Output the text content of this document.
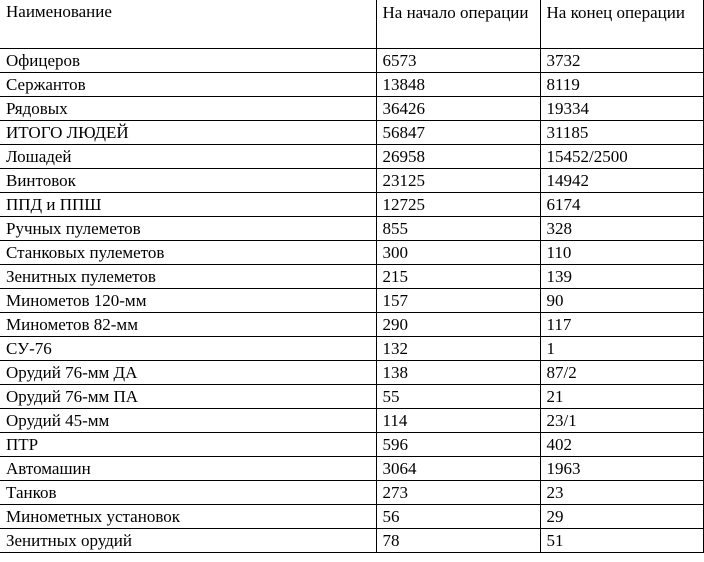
Наименование	На начало операции	На конец операции
Офицеров	6573	3732
Сержантов	13848	8119
Рядовых	36426	19334
ИТОГО ЛЮДЕЙ	56847	31185
Лошадей	26958	15452/2500
Винтовок	23125	14942
ППД и ППШ	12725	6174
Ручных пулеметов	855	328
Станковых пулеметов	300	110
Зенитных пулеметов	215	139
Минометов 120-мм	157	90
Минометов 82-мм	290	117
СУ-76	132	1
Орудий 76-мм ДА	138	87/2
Орудий 76-мм ПА	55	21
Орудий 45-мм	114	23/1
ПТР	596	402
Автомашин	3064	1963
Танков	273	23
Минометных установок	56	29
Зенитных орудий	78	51
